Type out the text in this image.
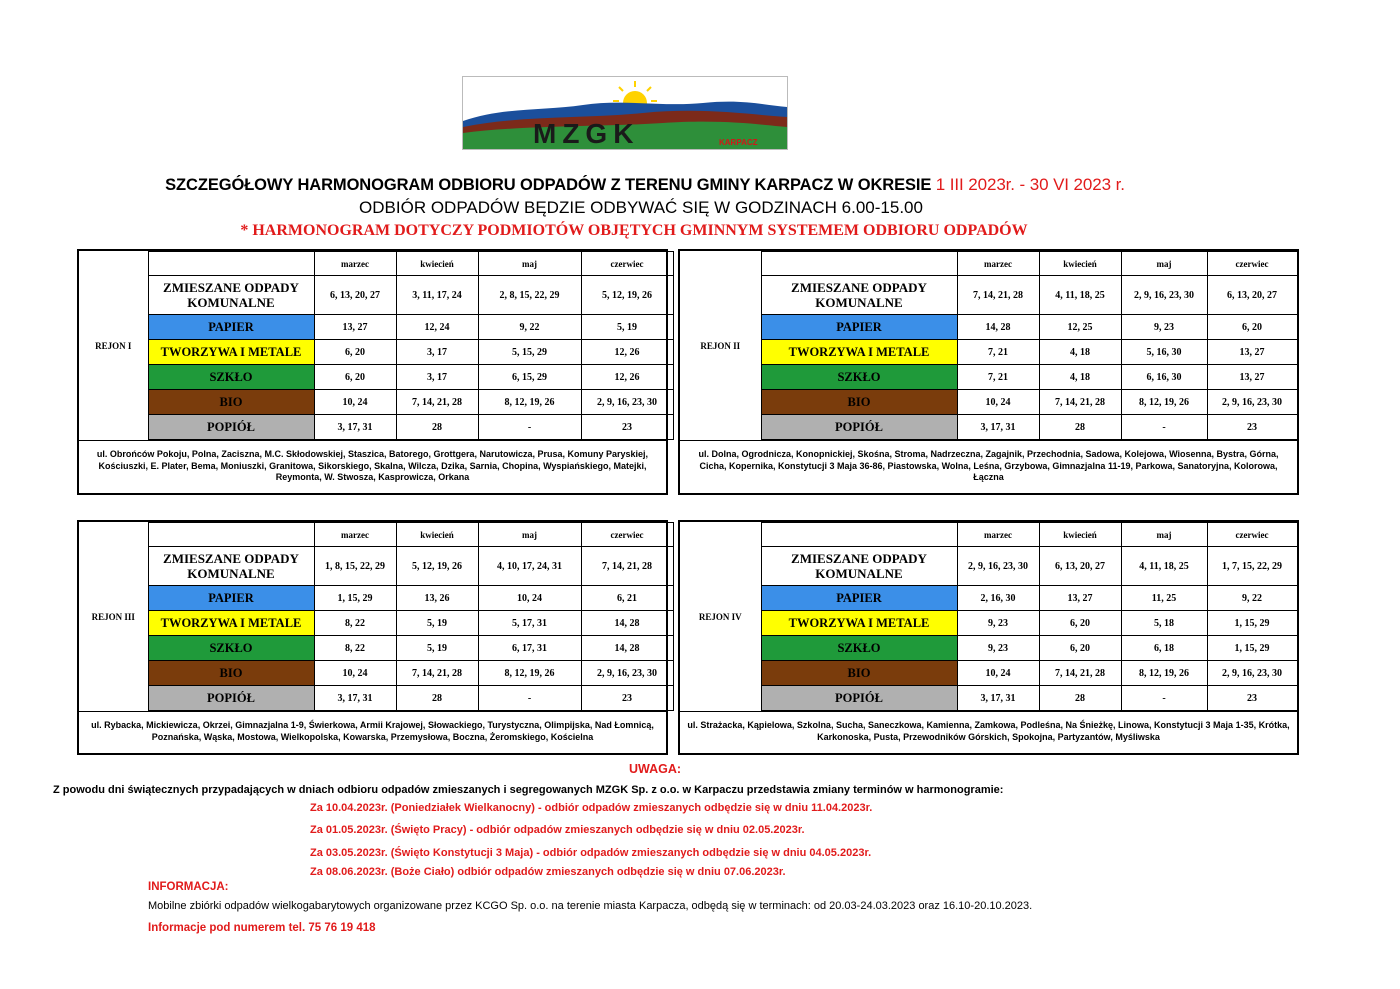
MZGK	KARPACZ
SZCZEGÓŁOWY HARMONOGRAM ODBIORU ODPADÓW Z TERENU GMINY KARPACZ W OKRESIE 1 III 2023r. - 30 VI 2023 r.
ODBIÓR ODPADÓW BĘDZIE ODBYWAĆ SIĘ W GODZINACH 6.00-15.00
* HARMONOGRAM DOTYCZY PODMIOTÓW OBJĘTYCH GMINNYM SYSTEMEM ODBIORU ODPADÓW
REJON I		marzec	kwiecień	maj	czerwiec
	ZMIESZANE ODPADY KOMUNALNE	6, 13, 20, 27	3, 11, 17, 24	2, 8, 15, 22, 29	5, 12, 19, 26
	PAPIER	13, 27	12, 24	9, 22	5, 19
	TWORZYWA I METALE	6, 20	3, 17	5, 15, 29	12, 26
	SZKŁO	6, 20	3, 17	6, 15, 29	12, 26
	BIO	10, 24	7, 14, 21, 28	8, 12, 19, 26	2, 9, 16, 23, 30
	POPIÓŁ	3, 17, 31	28	-	23
ul. Obrońców Pokoju, Polna, Zaciszna, M.C. Skłodowskiej, Staszica, Batorego, Grottgera, Narutowicza, Prusa, Komuny Paryskiej, Kościuszki, E. Plater, Bema, Moniuszki, Granitowa, Sikorskiego, Skalna, Wilcza, Dzika, Sarnia, Chopina, Wyspiańskiego, Matejki, Reymonta, W. Stwosza, Kasprowicza, Orkana
REJON II		marzec	kwiecień	maj	czerwiec
	ZMIESZANE ODPADY KOMUNALNE	7, 14, 21, 28	4, 11, 18, 25	2, 9, 16, 23, 30	6, 13, 20, 27
	PAPIER	14, 28	12, 25	9, 23	6, 20
	TWORZYWA I METALE	7, 21	4, 18	5, 16, 30	13, 27
	SZKŁO	7, 21	4, 18	6, 16, 30	13, 27
	BIO	10, 24	7, 14, 21, 28	8, 12, 19, 26	2, 9, 16, 23, 30
	POPIÓŁ	3, 17, 31	28	-	23
ul. Dolna, Ogrodnicza, Konopnickiej, Skośna, Stroma, Nadrzeczna, Zagajnik, Przechodnia, Sadowa, Kolejowa, Wiosenna, Bystra, Górna, Cicha, Kopernika, Konstytucji 3 Maja 36-86, Piastowska, Wolna, Leśna, Grzybowa, Gimnazjalna 11-19, Parkowa, Sanatoryjna, Kolorowa, Łączna
REJON III		marzec	kwiecień	maj	czerwiec
	ZMIESZANE ODPADY KOMUNALNE	1, 8, 15, 22, 29	5, 12, 19, 26	4, 10, 17, 24, 31	7, 14, 21, 28
	PAPIER	1, 15, 29	13, 26	10, 24	6, 21
	TWORZYWA I METALE	8, 22	5, 19	5, 17, 31	14, 28
	SZKŁO	8, 22	5, 19	6, 17, 31	14, 28
	BIO	10, 24	7, 14, 21, 28	8, 12, 19, 26	2, 9, 16, 23, 30
	POPIÓŁ	3, 17, 31	28	-	23
ul. Rybacka, Mickiewicza, Okrzei, Gimnazjalna 1-9, Świerkowa, Armii Krajowej, Słowackiego, Turystyczna, Olimpijska, Nad Łomnicą, Poznańska, Wąska, Mostowa, Wielkopolska, Kowarska, Przemysłowa, Boczna, Żeromskiego, Kościelna
REJON IV		marzec	kwiecień	maj	czerwiec
	ZMIESZANE ODPADY KOMUNALNE	2, 9, 16, 23, 30	6, 13, 20, 27	4, 11, 18, 25	1, 7, 15, 22, 29
	PAPIER	2, 16, 30	13, 27	11, 25	9, 22
	TWORZYWA I METALE	9, 23	6, 20	5, 18	1, 15, 29
	SZKŁO	9, 23	6, 20	6, 18	1, 15, 29
	BIO	10, 24	7, 14, 21, 28	8, 12, 19, 26	2, 9, 16, 23, 30
	POPIÓŁ	3, 17, 31	28	-	23
ul. Strażacka, Kąpielowa, Szkolna, Sucha, Saneczkowa, Kamienna, Zamkowa, Podleśna, Na Śnieżkę, Linowa, Konstytucji 3 Maja 1-35, Krótka, Karkonoska, Pusta, Przewodników Górskich, Spokojna, Partyzantów, Myśliwska
UWAGA:
Z powodu dni świątecznych przypadających w dniach odbioru odpadów zmieszanych i segregowanych MZGK Sp. z o.o. w Karpaczu przedstawia zmiany terminów w harmonogramie:
Za 10.04.2023r. (Poniedziałek Wielkanocny) - odbiór odpadów zmieszanych odbędzie się w dniu 11.04.2023r.
Za 01.05.2023r. (Święto Pracy) - odbiór odpadów zmieszanych odbędzie się w dniu 02.05.2023r.
Za 03.05.2023r. (Święto Konstytucji 3 Maja) - odbiór odpadów zmieszanych odbędzie się w dniu 04.05.2023r.
Za 08.06.2023r. (Boże Ciało) odbiór odpadów zmieszanych odbędzie się w dniu 07.06.2023r.
INFORMACJA:
Mobilne zbiórki odpadów wielkogabarytowych organizowane przez KCGO Sp. o.o. na terenie miasta Karpacza, odbędą się w terminach: od 20.03-24.03.2023 oraz 16.10-20.10.2023.
Informacje pod numerem tel. 75 76 19 418
